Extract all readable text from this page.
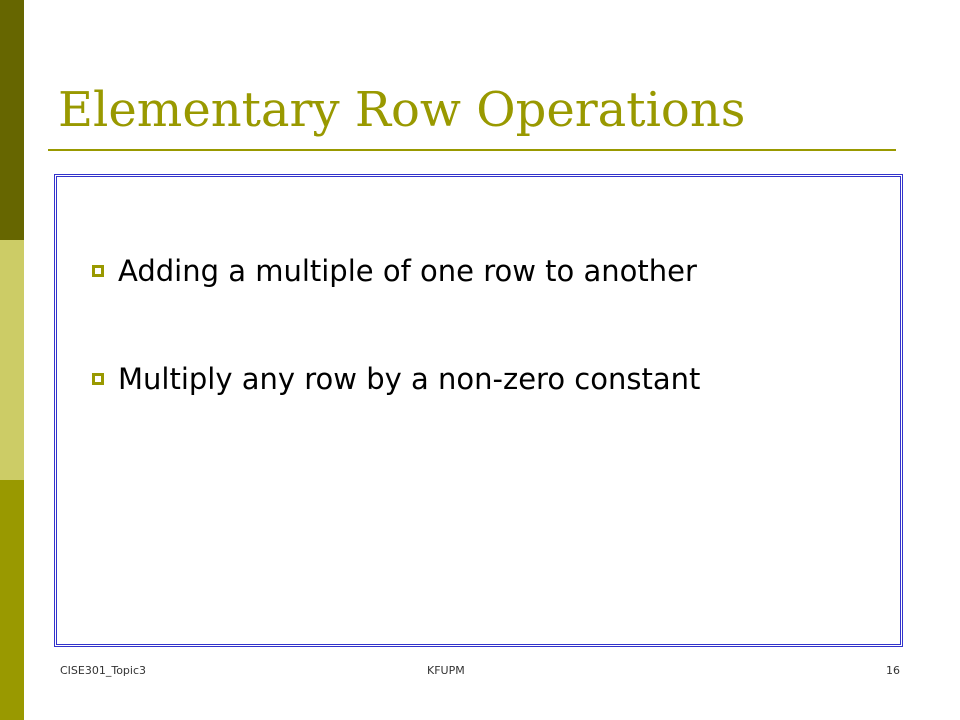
Elementary Row Operations
Adding a multiple of one row to another
Multiply any row by a non-zero constant
CISE301_Topic3	KFUPM	16
